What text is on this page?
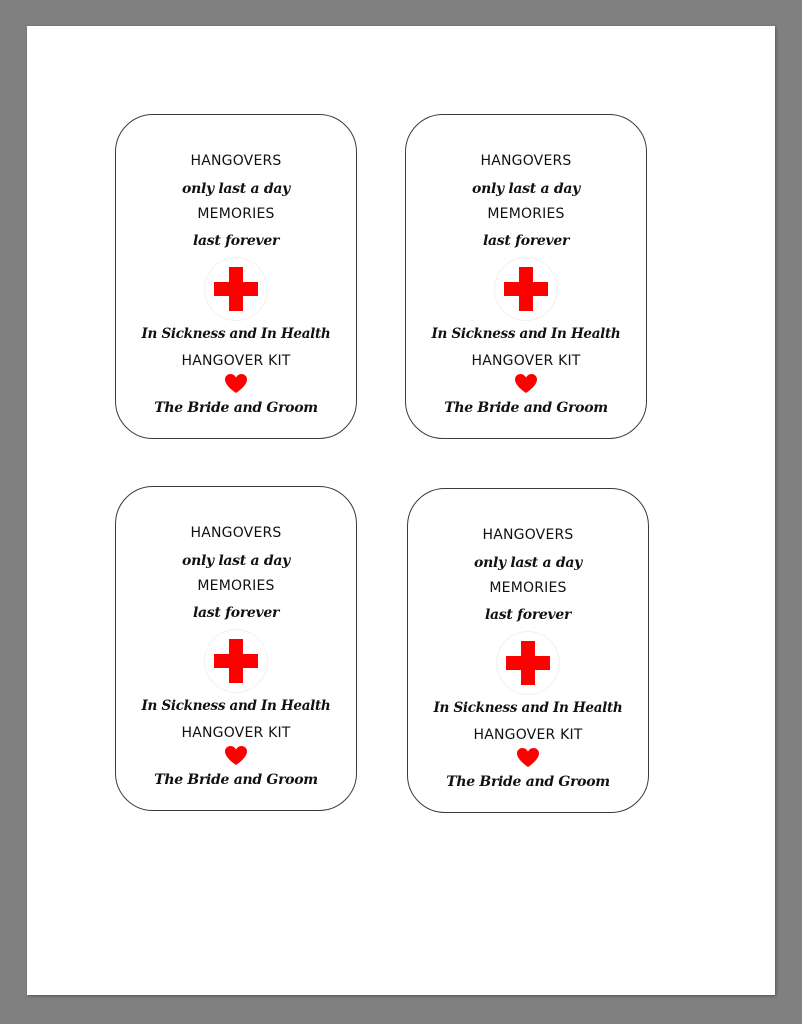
HANGOVERS
only last a day
MEMORIES
last forever
In Sickness and In Health
HANGOVER KIT
The Bride and Groom
HANGOVERS
only last a day
MEMORIES
last forever
In Sickness and In Health
HANGOVER KIT
The Bride and Groom
HANGOVERS
only last a day
MEMORIES
last forever
In Sickness and In Health
HANGOVER KIT
The Bride and Groom
HANGOVERS
only last a day
MEMORIES
last forever
In Sickness and In Health
HANGOVER KIT
The Bride and Groom
